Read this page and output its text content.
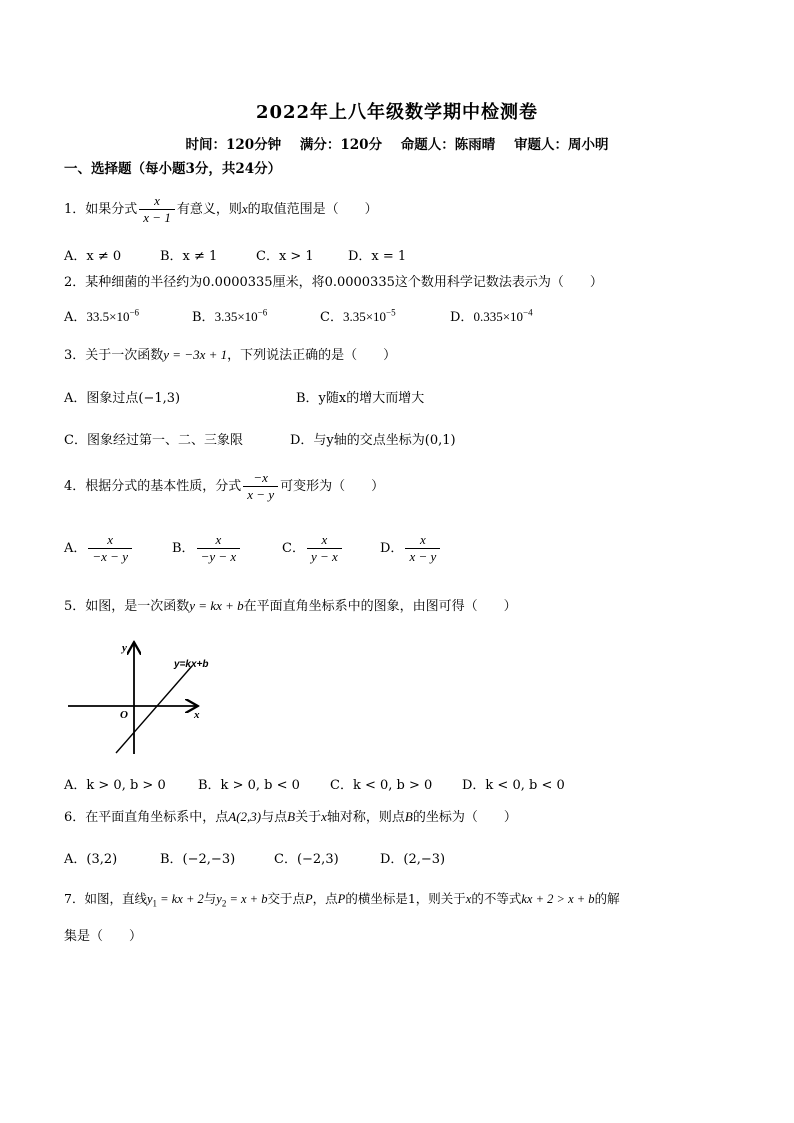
2022年上八年级数学期中检测卷
时间：120分钟 满分：120分 命题人：陈雨晴 审题人：周小明
一、选择题（每小题3分，共24分）
1．如果分式 $\frac{x}{x - 1}$ 有意义，则x的取值范围是（　　）
A．x ≠ 0	B．x ≠ 1	C．x > 1	D．x = 1
2．某种细菌的半径约为0.0000335厘米，将0.0000335这个数用科学记数法表示为（　　）
A．$33.5\times 10^{-6}$	B．$3.35\times 10^{-6}$	C．$3.35\times 10^{-5}$	D．$0.335\times 10^{-4}$
3．关于一次函数y = −3x + 1，下列说法正确的是（　　）
A．图象过点(−1,3)	B．y随x的增大而增大
C．图象经过第一、二、三象限	D．与y轴的交点坐标为(0,1)
4．根据分式的基本性质，分式 $\frac{-x}{x - y}$ 可变形为（　　）
A． $\frac{x}{-x - y}$	B． $\frac{x}{-y - x}$	C． $\frac{x}{y - x}$	D． $\frac{x}{x - y}$
5．如图，是一次函数y = kx + b在平面直角坐标系中的图象，由图可得（　　）
y
x
O
y=kx+b
A．k > 0, b > 0 B．k > 0, b < 0 C．k < 0, b > 0 D．k < 0, b < 0
6．在平面直角坐标系中，点A(2,3)与点B关于x轴对称，则点B的坐标为（　　）
A．(3,2)	B．(−2,−3)	C．(−2,3)	D．(2,−3)
7．如图，直线$y_1$ = kx + 2与$y_2 = x + b$交于点P，点P的横坐标是1，则关于x的不等式kx + 2 > x + b的解
集是（　　）
